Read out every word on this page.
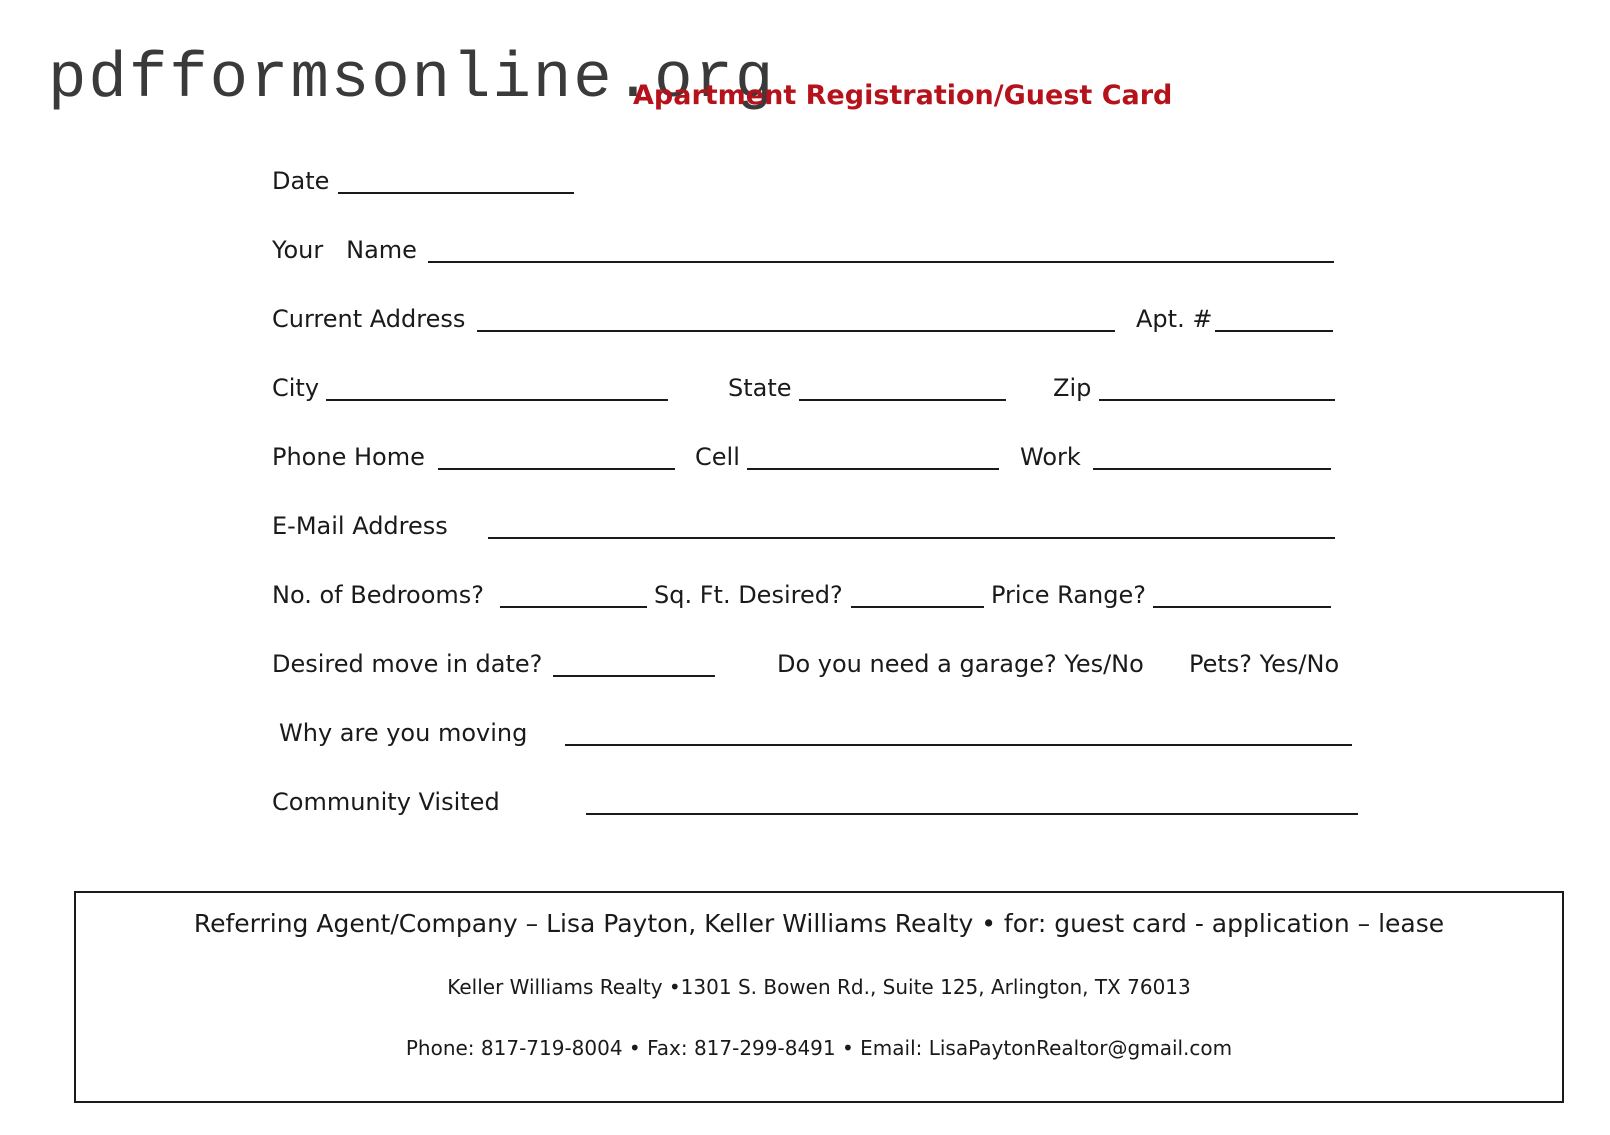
pdfformsonline.org
Apartment Registration/Guest Card
Date
Your   Name
Current Address	Apt. #
City	State	Zip
Phone Home	Cell	Work
E-Mail Address
No. of Bedrooms?	Sq. Ft. Desired?	Price Range?
Desired move in date?	Do you need a garage? Yes/No Pets? Yes/No
Why are you moving
Community Visited
Referring Agent/Company – Lisa Payton, Keller Williams Realty • for: guest card - application – lease
Keller Williams Realty •1301 S. Bowen Rd., Suite 125, Arlington, TX 76013
Phone: 817-719-8004 • Fax: 817-299-8491 • Email: LisaPaytonRealtor@gmail.com
